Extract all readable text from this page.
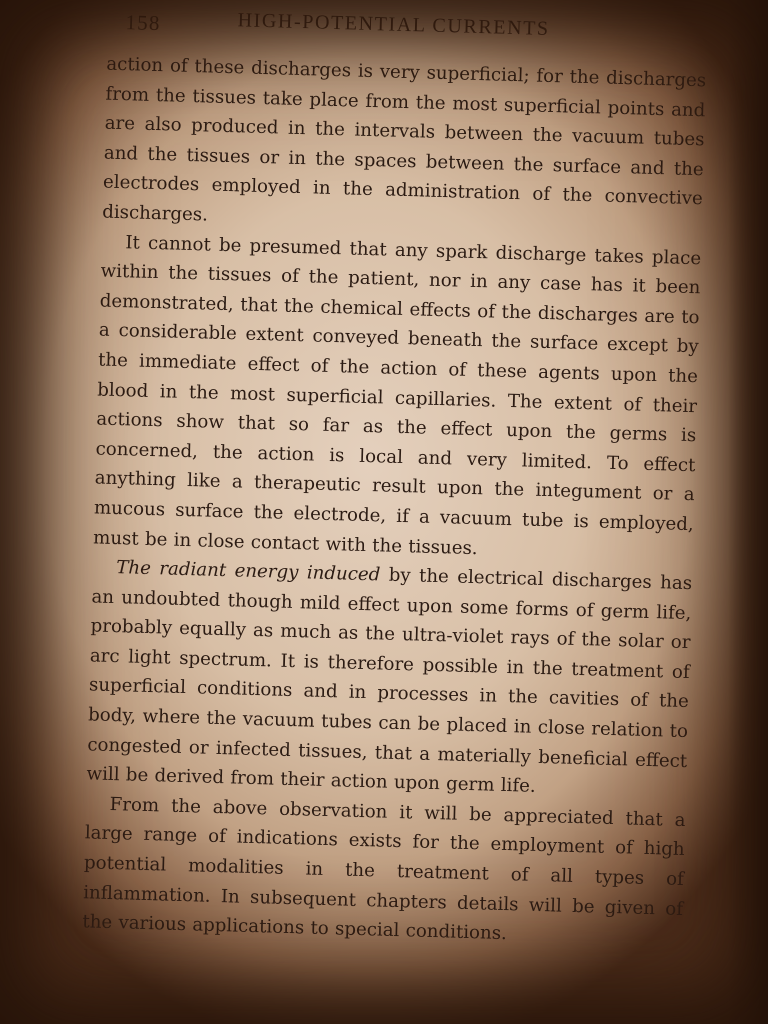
158	HIGH-POTENTIAL CURRENTS

action of these discharges is very superficial; for the discharges from the tissues take place from the most superficial points and are also produced in the intervals between the vacuum tubes and the tissues or in the spaces between the surface and the electrodes employed in the administration of the convective discharges.

It cannot be presumed that any spark discharge takes place within the tissues of the patient, nor in any case has it been demonstrated, that the chemical effects of the discharges are to a considerable extent conveyed beneath the surface except by the immediate effect of the action of these agents upon the blood in the most superficial capillaries. The extent of their actions show that so far as the effect upon the germs is concerned, the action is local and very limited. To effect anything like a therapeutic result upon the integument or a mucous surface the electrode, if a vacuum tube is employed, must be in close contact with the tissues.

The radiant energy induced by the electrical discharges has an undoubted though mild effect upon some forms of germ life, probably equally as much as the ultra-violet rays of the solar or arc light spectrum. It is therefore possible in the treatment of superficial conditions and in processes in the cavities of the body, where the vacuum tubes can be placed in close relation to congested or infected tissues, that a materially beneficial effect will be derived from their action upon germ life.

From the above observation it will be appreciated that a large range of indications exists for the employment of high potential modalities in the treatment of all types of inflammation. In subsequent chapters details will be given of the various applications to special conditions.
